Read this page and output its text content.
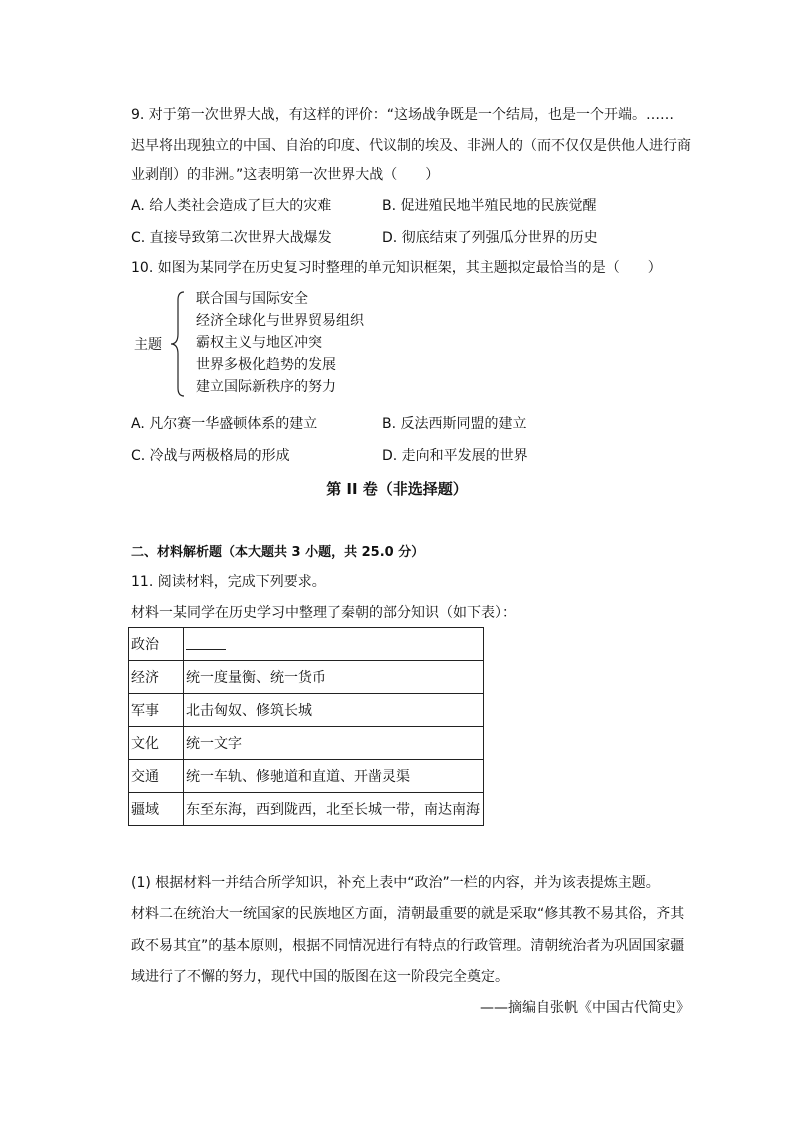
9. 对于第一次世界大战，有这样的评价：“这场战争既是一个结局，也是一个开端。……
迟早将出现独立的中国、自治的印度、代议制的埃及、非洲人的（而不仅仅是供他人进行商
业剥削）的非洲。”这表明第一次世界大战（　　）
A. 给人类社会造成了巨大的灾难	B. 促进殖民地半殖民地的民族觉醒
C. 直接导致第二次世界大战爆发	D. 彻底结束了列强瓜分世界的历史
10. 如图为某同学在历史复习时整理的单元知识框架，其主题拟定最恰当的是（　　）
主题
联合国与国际安全
经济全球化与世界贸易组织
霸权主义与地区冲突
世界多极化趋势的发展
建立国际新秩序的努力
A. 凡尔赛一华盛顿体系的建立	B. 反法西斯同盟的建立
C. 冷战与两极格局的形成	D. 走向和平发展的世界
第 II 卷（非选择题）
二、材料解析题（本大题共 3 小题，共 25.0 分）
11. 阅读材料，完成下列要求。
材料一某同学在历史学习中整理了秦朝的部分知识（如下表）：
政治	
经济	统一度量衡、统一货币
军事	北击匈奴、修筑长城
文化	统一文字
交通	统一车轨、修驰道和直道、开凿灵渠
疆域	东至东海，西到陇西，北至长城一带，南达南海
(1) 根据材料一并结合所学知识，补充上表中“政治”一栏的内容，并为该表提炼主题。
材料二在统治大一统国家的民族地区方面，清朝最重要的就是采取“修其教不易其俗，齐其
政不易其宜”的基本原则，根据不同情况进行有特点的行政管理。清朝统治者为巩固国家疆
域进行了不懈的努力，现代中国的版图在这一阶段完全奠定。
——摘编自张帆《中国古代简史》
